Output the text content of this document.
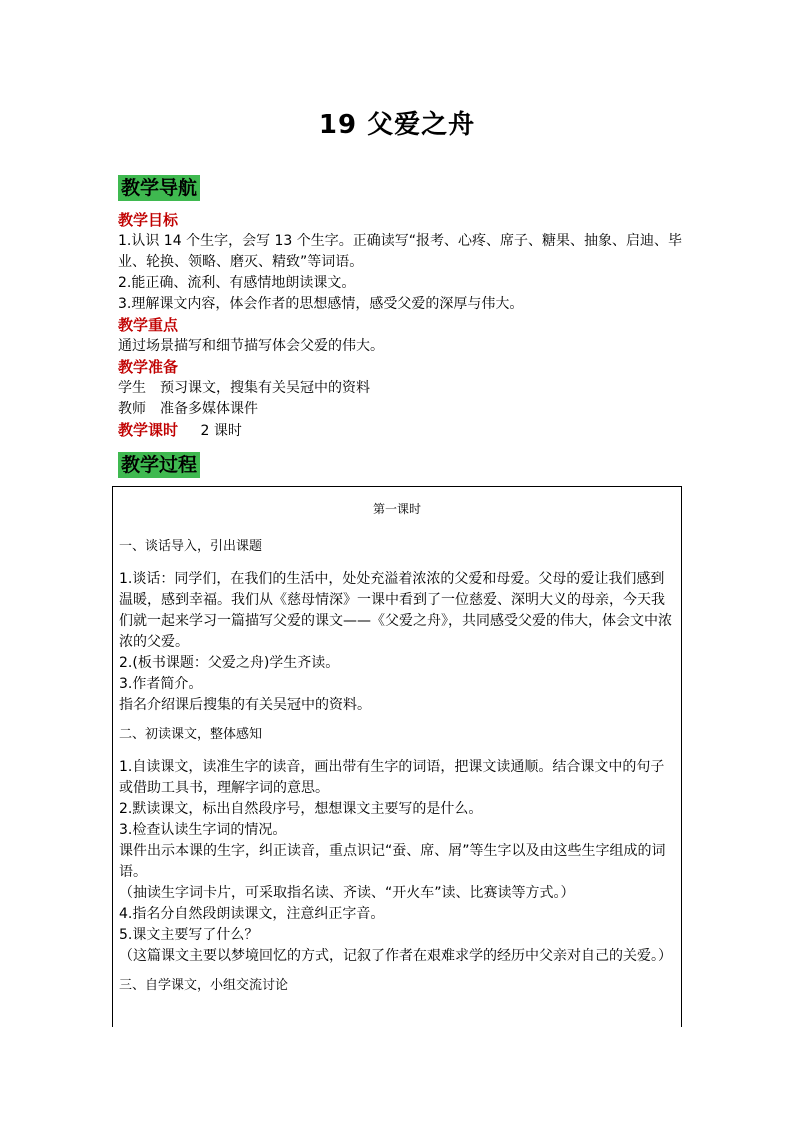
19 父爱之舟
教学导航
教学目标

1.认识 14 个生字，会写 13 个生字。正确读写“报考、心疼、席子、糖果、抽象、启迪、毕业、轮换、领略、磨灭、精致”等词语。

2.能正确、流利、有感情地朗读课文。

3.理解课文内容，体会作者的思想感情，感受父爱的深厚与伟大。

教学重点

通过场景描写和细节描写体会父爱的伟大。

教学准备

学生　预习课文，搜集有关吴冠中的资料

教师　准备多媒体课件

教学课时 2 课时

教学过程

第一课时

一、谈话导入，引出课题

1.谈话：同学们，在我们的生活中，处处充溢着浓浓的父爱和母爱。父母的爱让我们感到温暖，感到幸福。我们从《慈母情深》一课中看到了一位慈爱、深明大义的母亲，今天我们就一起来学习一篇描写父爱的课文——《父爱之舟》，共同感受父爱的伟大，体会文中浓浓的父爱。

2.(板书课题：父爱之舟)学生齐读。

3.作者简介。

指名介绍课后搜集的有关吴冠中的资料。

二、初读课文，整体感知

1.自读课文，读准生字的读音，画出带有生字的词语，把课文读通顺。结合课文中的句子或借助工具书，理解字词的意思。

2.默读课文，标出自然段序号，想想课文主要写的是什么。

3.检查认读生字词的情况。

课件出示本课的生字，纠正读音，重点识记“蚕、席、屑”等生字以及由这些生字组成的词语。

（抽读生字词卡片，可采取指名读、齐读、“开火车”读、比赛读等方式。）

4.指名分自然段朗读课文，注意纠正字音。

5.课文主要写了什么？

（这篇课文主要以梦境回忆的方式，记叙了作者在艰难求学的经历中父亲对自己的关爱。）

三、自学课文，小组交流讨论
